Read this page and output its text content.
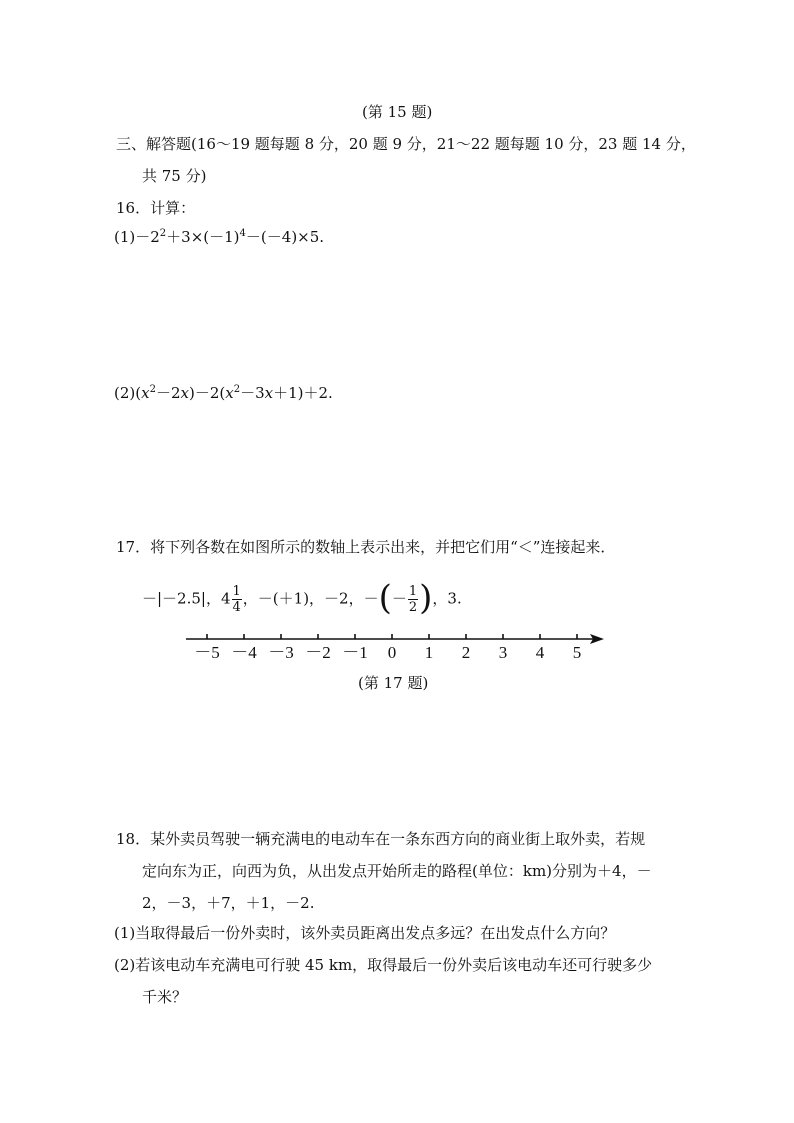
(第 15 题)
三、解答题(16～19 题每题 8 分，20 题 9 分，21～22 题每题 10 分，23 题 14 分，
共 75 分)
16．计算：
$(1)-2^2+3\times(-1)^4-(-4)\times 5$.
$(2)(x^2-2x)-2(x^2-3x+1)+2$.
17．将下列各数在如图所示的数轴上表示出来，并把它们用“＜”连接起来．
－|－2.5|，$4 \frac{1}{4}$ ，－(＋1)，－2，－(－ $\frac{1}{2}$ )，3.
－5 －4 －3 －2 －1 0 1 2 3 4 5
(第 17 题)
18．某外卖员驾驶一辆充满电的电动车在一条东西方向的商业街上取外卖，若规
定向东为正，向西为负，从出发点开始所走的路程(单位：km)分别为＋4，－
2，－3，＋7，＋1，－2.
(1)当取得最后一份外卖时，该外卖员距离出发点多远？在出发点什么方向？
(2)若该电动车充满电可行驶 45 km，取得最后一份外卖后该电动车还可行驶多少
千米？
